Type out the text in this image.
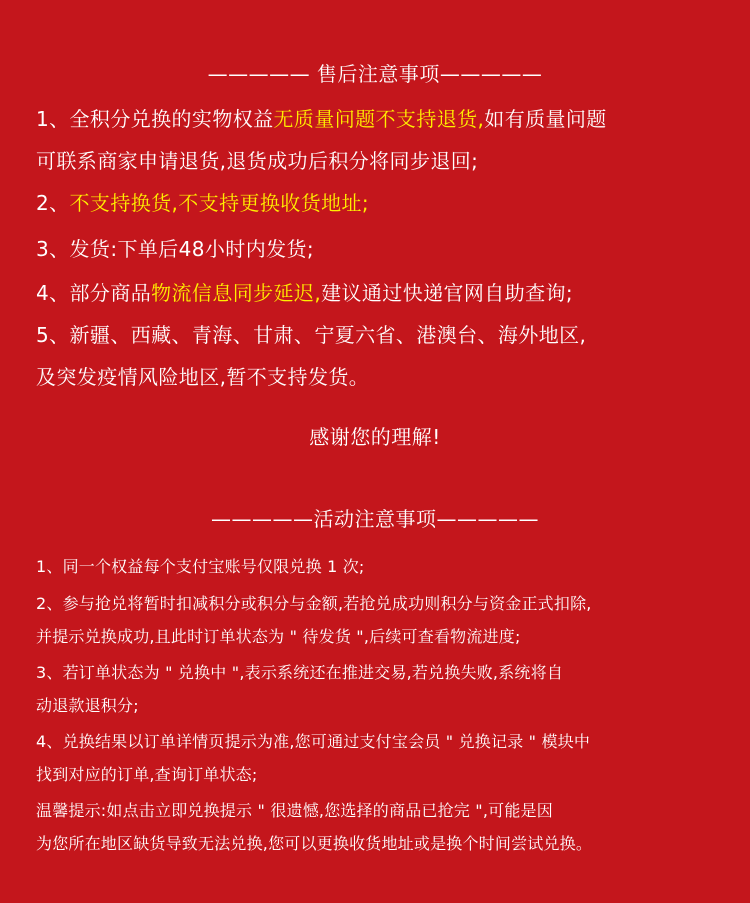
————— 售后注意事项—————
1、全积分兑换的实物权益无质量问题不支持退货,如有质量问题
可联系商家申请退货,退货成功后积分将同步退回;
2、不支持换货,不支持更换收货地址;
3、发货:下单后48小时内发货;
4、部分商品物流信息同步延迟,建议通过快递官网自助查询;
5、新疆、西藏、青海、甘肃、宁夏六省、港澳台、海外地区,
及突发疫情风险地区,暂不支持发货。
感谢您的理解!
—————活动注意事项—————
1、同一个权益每个支付宝账号仅限兑换 1 次;
2、参与抢兑将暂时扣减积分或积分与金额,若抢兑成功则积分与资金正式扣除,
并提示兑换成功,且此时订单状态为 " 待发货 ",后续可查看物流进度;
3、若订单状态为 " 兑换中 ",表示系统还在推进交易,若兑换失败,系统将自
动退款退积分;
4、兑换结果以订单详情页提示为准,您可通过支付宝会员 " 兑换记录 " 模块中
找到对应的订单,查询订单状态;
温馨提示:如点击立即兑换提示 " 很遗憾,您选择的商品已抢完 ",可能是因
为您所在地区缺货导致无法兑换,您可以更换收货地址或是换个时间尝试兑换。
